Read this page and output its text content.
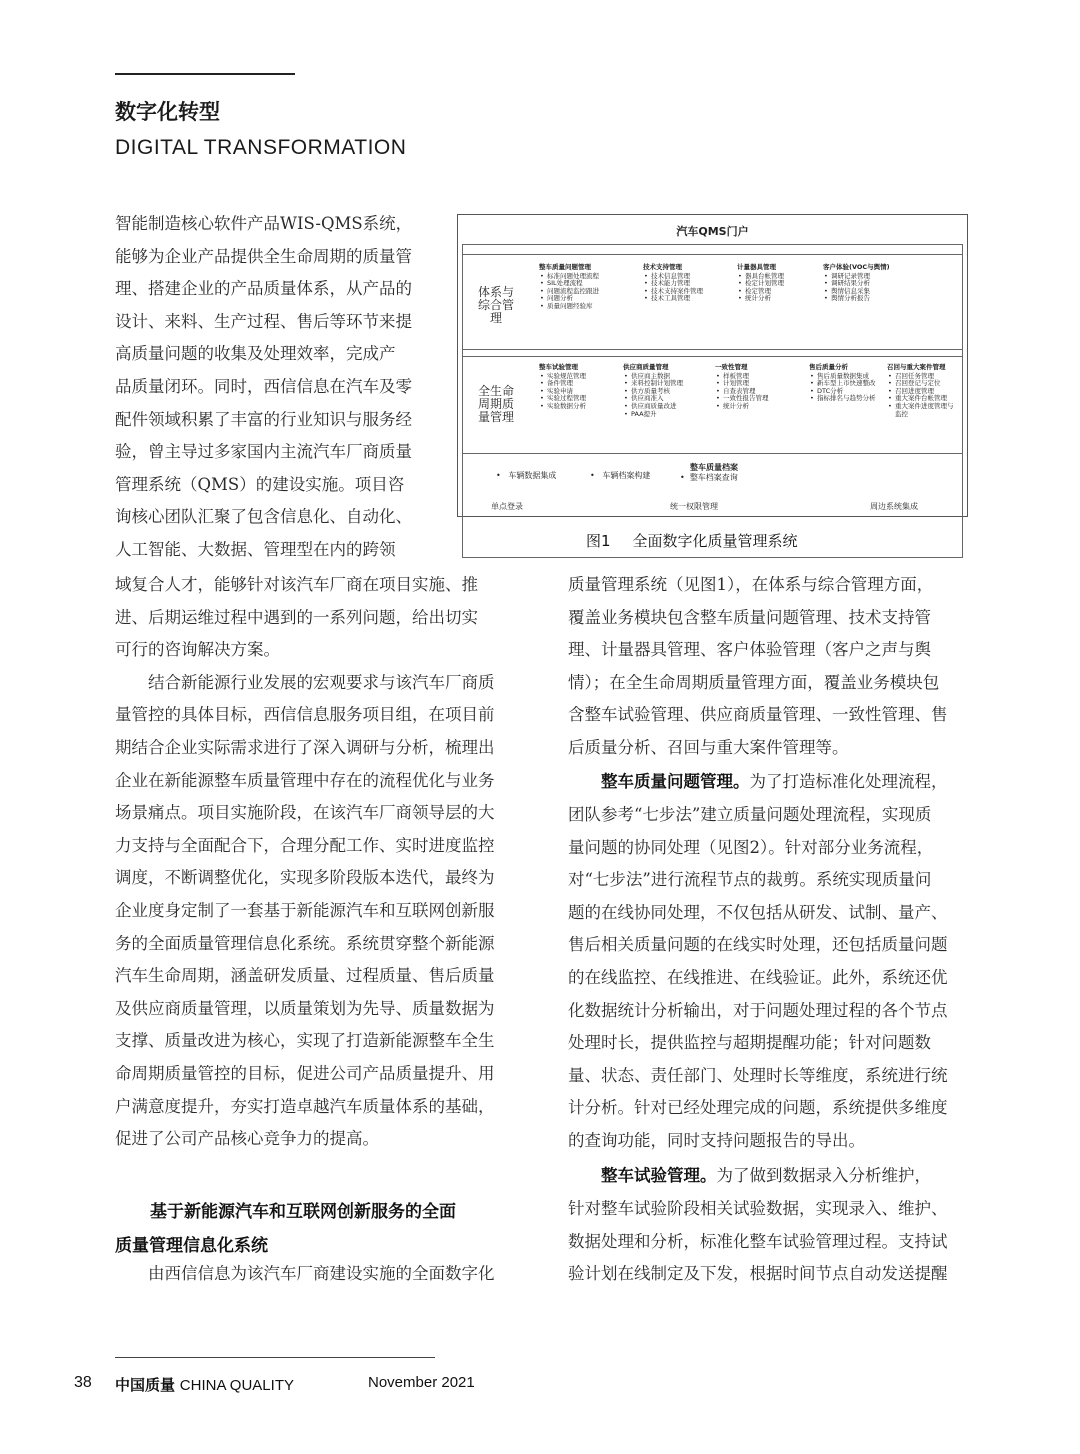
数字化转型
DIGITAL TRANSFORMATION
智能制造核心软件产品WIS-QMS系统，
能够为企业产品提供全生命周期的质量管
理、搭建企业的产品质量体系，从产品的
设计、来料、生产过程、售后等环节来提
高质量问题的收集及处理效率，完成产
品质量闭环。同时，西信信息在汽车及零
配件领域积累了丰富的行业知识与服务经
验，曾主导过多家国内主流汽车厂商质量
管理系统（QMS）的建设实施。项目咨
询核心团队汇聚了包含信息化、自动化、
人工智能、大数据、管理型在内的跨领
域复合人才，能够针对该汽车厂商在项目实施、推
进、后期运维过程中遇到的一系列问题，给出切实
可行的咨询解决方案。
　　结合新能源行业发展的宏观要求与该汽车厂商质
量管控的具体目标，西信信息服务项目组，在项目前
期结合企业实际需求进行了深入调研与分析，梳理出
企业在新能源整车质量管理中存在的流程优化与业务
场景痛点。项目实施阶段，在该汽车厂商领导层的大
力支持与全面配合下，合理分配工作、实时进度监控
调度，不断调整优化，实现多阶段版本迭代，最终为
企业度身定制了一套基于新能源汽车和互联网创新服
务的全面质量管理信息化系统。系统贯穿整个新能源
汽车生命周期，涵盖研发质量、过程质量、售后质量
及供应商质量管理，以质量策划为先导、质量数据为
支撑、质量改进为核心，实现了打造新能源整车全生
命周期质量管控的目标，促进公司产品质量提升、用
户满意度提升，夯实打造卓越汽车质量体系的基础，
促进了公司产品核心竞争力的提高。
基于新能源汽车和互联网创新服务的全面
质量管理信息化系统
　　由西信信息为该汽车厂商建设实施的全面数字化
质量管理系统（见图1），在体系与综合管理方面，
覆盖业务模块包含整车质量问题管理、技术支持管
理、计量器具管理、客户体验管理（客户之声与舆
情）；在全生命周期质量管理方面，覆盖业务模块包
含整车试验管理、供应商质量管理、一致性管理、售
后质量分析、召回与重大案件管理等。
　　整车质量问题管理。为了打造标准化处理流程，
团队参考“七步法”建立质量问题处理流程，实现质
量问题的协同处理（见图2）。针对部分业务流程，
对“七步法”进行流程节点的裁剪。系统实现质量问
题的在线协同处理，不仅包括从研发、试制、量产、
售后相关质量问题的在线实时处理，还包括质量问题
的在线监控、在线推进、在线验证。此外，系统还优
化数据统计分析输出，对于问题处理过程的各个节点
处理时长，提供监控与超期提醒功能；针对问题数
量、状态、责任部门、处理时长等维度，系统进行统
计分析。针对已经处理完成的问题，系统提供多维度
的查询功能，同时支持问题报告的导出。
　　整车试验管理。为了做到数据录入分析维护，
针对整车试验阶段相关试验数据，实现录入、维护、
数据处理和分析，标准化整车试验管理过程。支持试
验计划在线制定及下发，根据时间节点自动发送提醒
汽车QMS门户
体系与
综合管
理
整车质量问题管理
• 标准问题处理流程
• SIL处理流程
• 问题流程监控跟进
• 问题分析
• 质量问题经验库
技术支持管理
• 技术信息管理
• 技术能力管理
• 技术支持案件管理
• 技术工具管理
计量器具管理
• 器具台帐管理
• 检定计划管理
• 检定管理
• 统计分析
客户体验(VOC与舆情)
• 调研记录管理
• 调研结果分析
• 舆情信息采集
• 舆情分析报告
全生命
周期质
量管理
整车试验管理
• 实验规范管理
• 备件管理
• 实验申请
• 实验过程管理
• 实验数据分析
供应商质量管理
• 供应商主数据
• 来料控制计划管理
• 供方质量考核
• 供应商准入
• 供应商质量改进
• PAA提升
一致性管理
• 样板管理
• 计划管理
• 自查表管理
• 一致性报告管理
• 统计分析
售后质量分析
• 售后质量数据集成
• 新车型上市快速整改
• DTC分析
• 指标排名与趋势分析
召回与重大案件管理
• 召回任务管理
• 召回登记与定位
• 召回进度管理
• 重大案件台帐管理
• 重大案件进度管理与监控
•   车辆数据集成	•   车辆档案构建
整车质量档案
•  整车档案查询
单点登录	统一权限管理	周边系统集成
图1 全面数字化质量管理系统
38 中国质量 CHINA QUALITY	November 2021
